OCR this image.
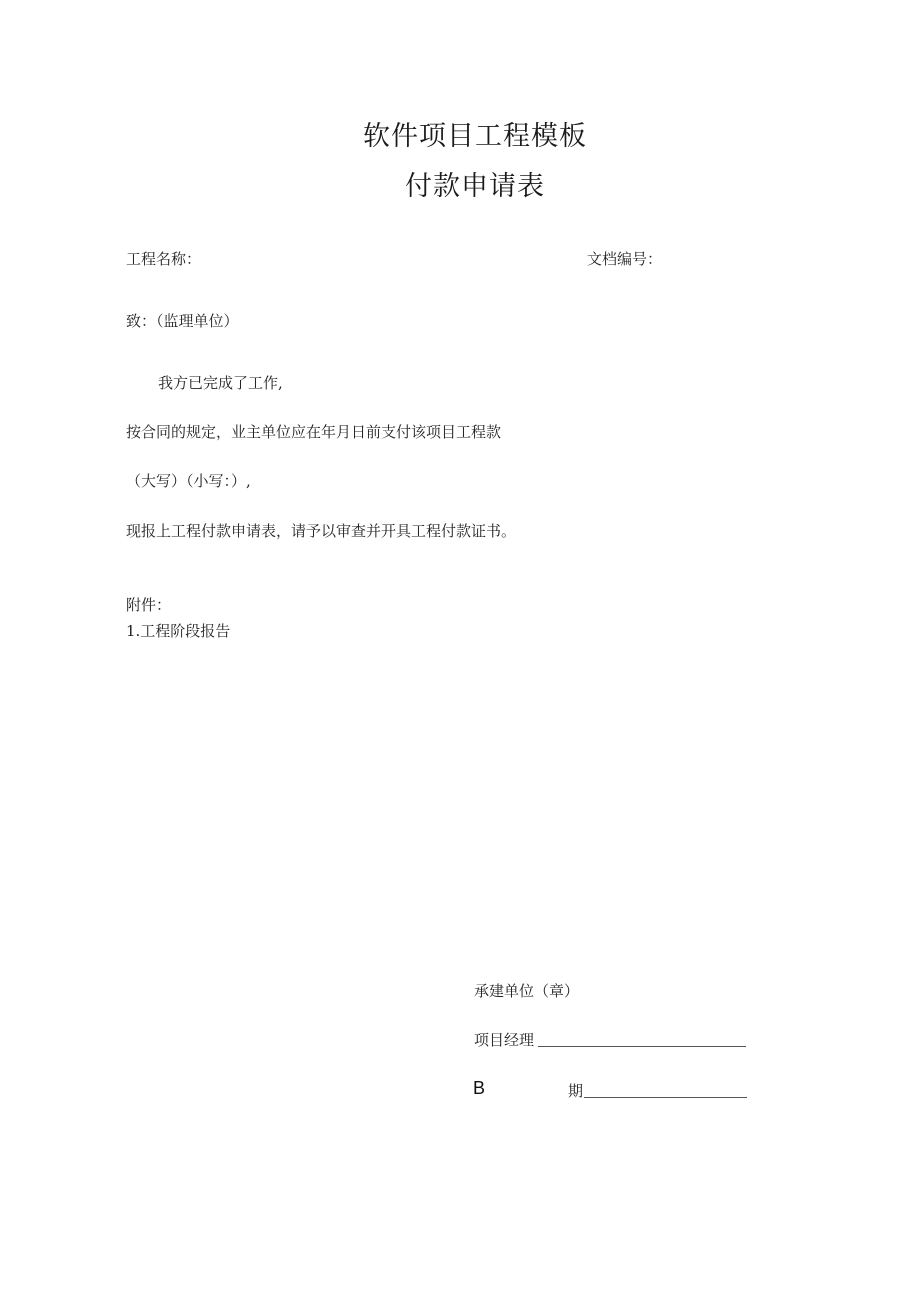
软件项目工程模板
付款申请表
工程名称：	文档编号：
致：（监理单位）
我方已完成了工作,
按合同的规定，业主单位应在年月日前支付该项目工程款
（大写）（小写：）,
现报上工程付款申请表，请予以审查并开具工程付款证书。
附件：
1.工程阶段报告
承建单位（章）
项目经理
B	期
